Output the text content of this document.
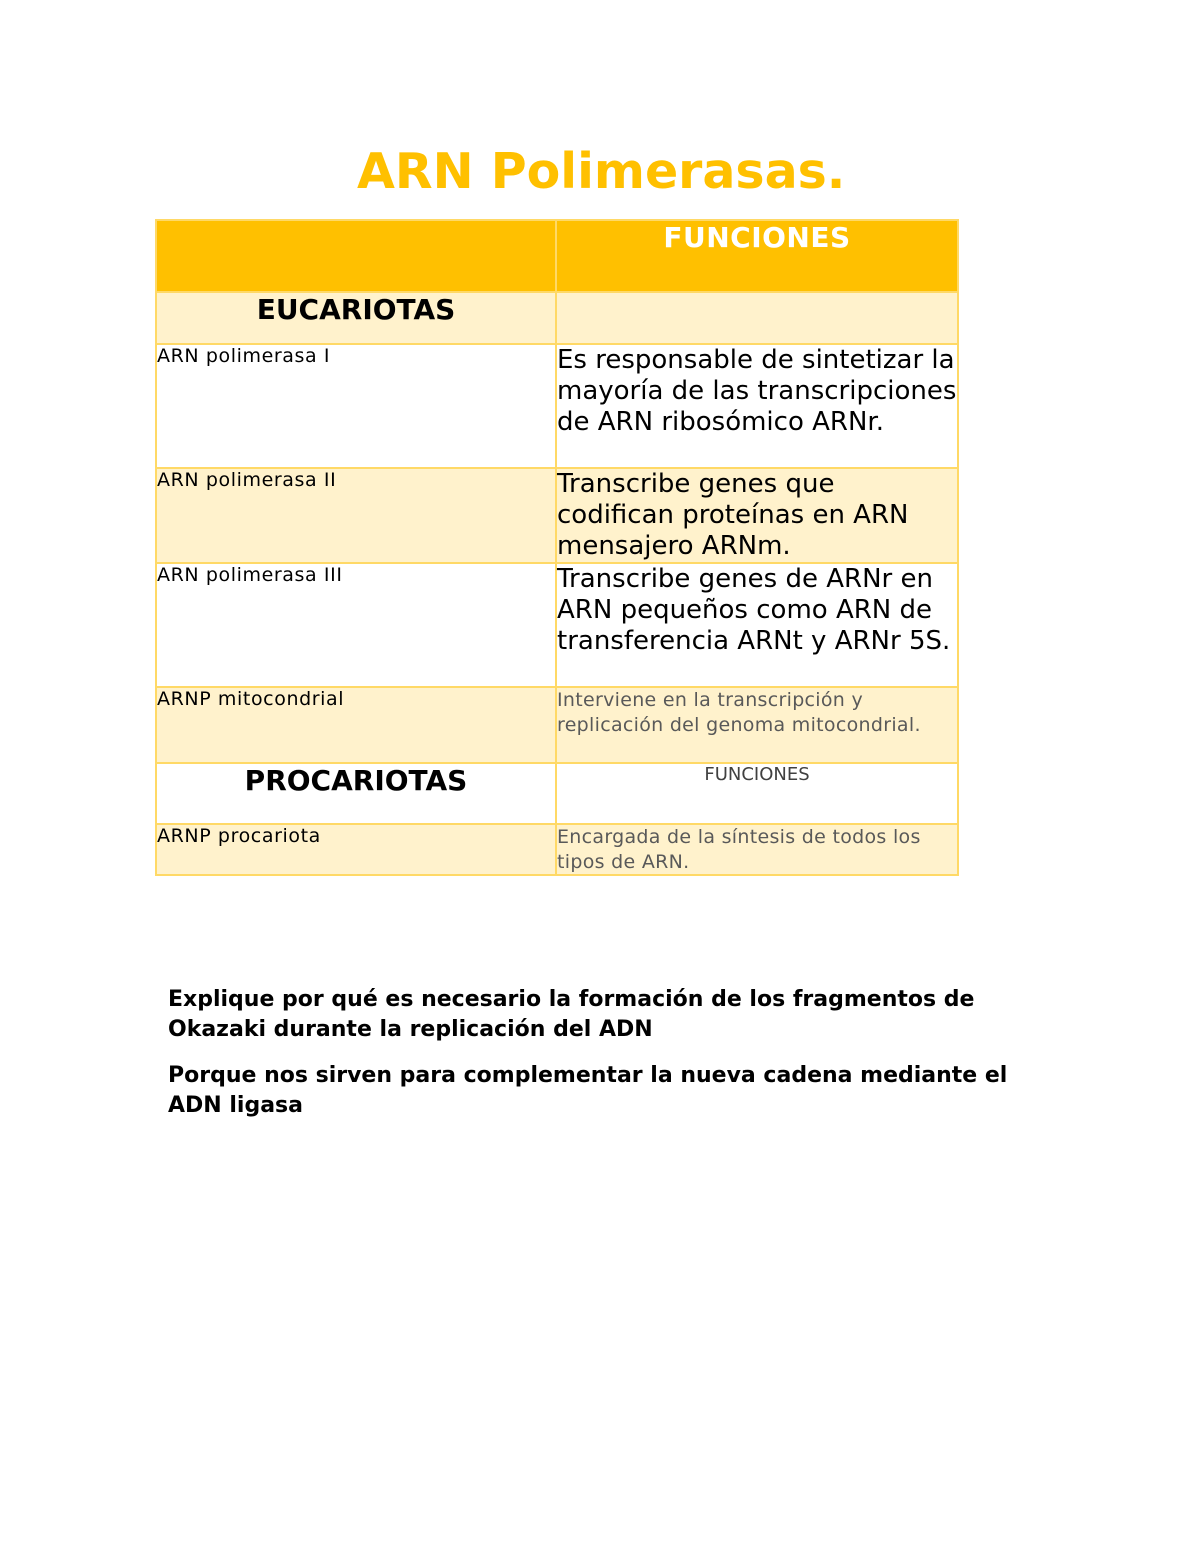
ARN Polimerasas.
	FUNCIONES
EUCARIOTAS	
ARN polimerasa I	Es responsable de sintetizar la mayoría de las transcripciones de ARN ribosómico ARNr.
ARN polimerasa II	Transcribe genes que codifican proteínas en ARN mensajero ARNm.
ARN polimerasa III	Transcribe genes de ARNr en ARN pequeños como ARN de transferencia ARNt y ARNr 5S.
ARNP mitocondrial	Interviene en la transcripción y replicación del genoma mitocondrial.
PROCARIOTAS	FUNCIONES
ARNP procariota	Encargada de la síntesis de todos los tipos de ARN.

Explique por qué es necesario la formación de los fragmentos de Okazaki durante la replicación del ADN

Porque nos sirven para complementar la nueva cadena mediante el ADN ligasa
